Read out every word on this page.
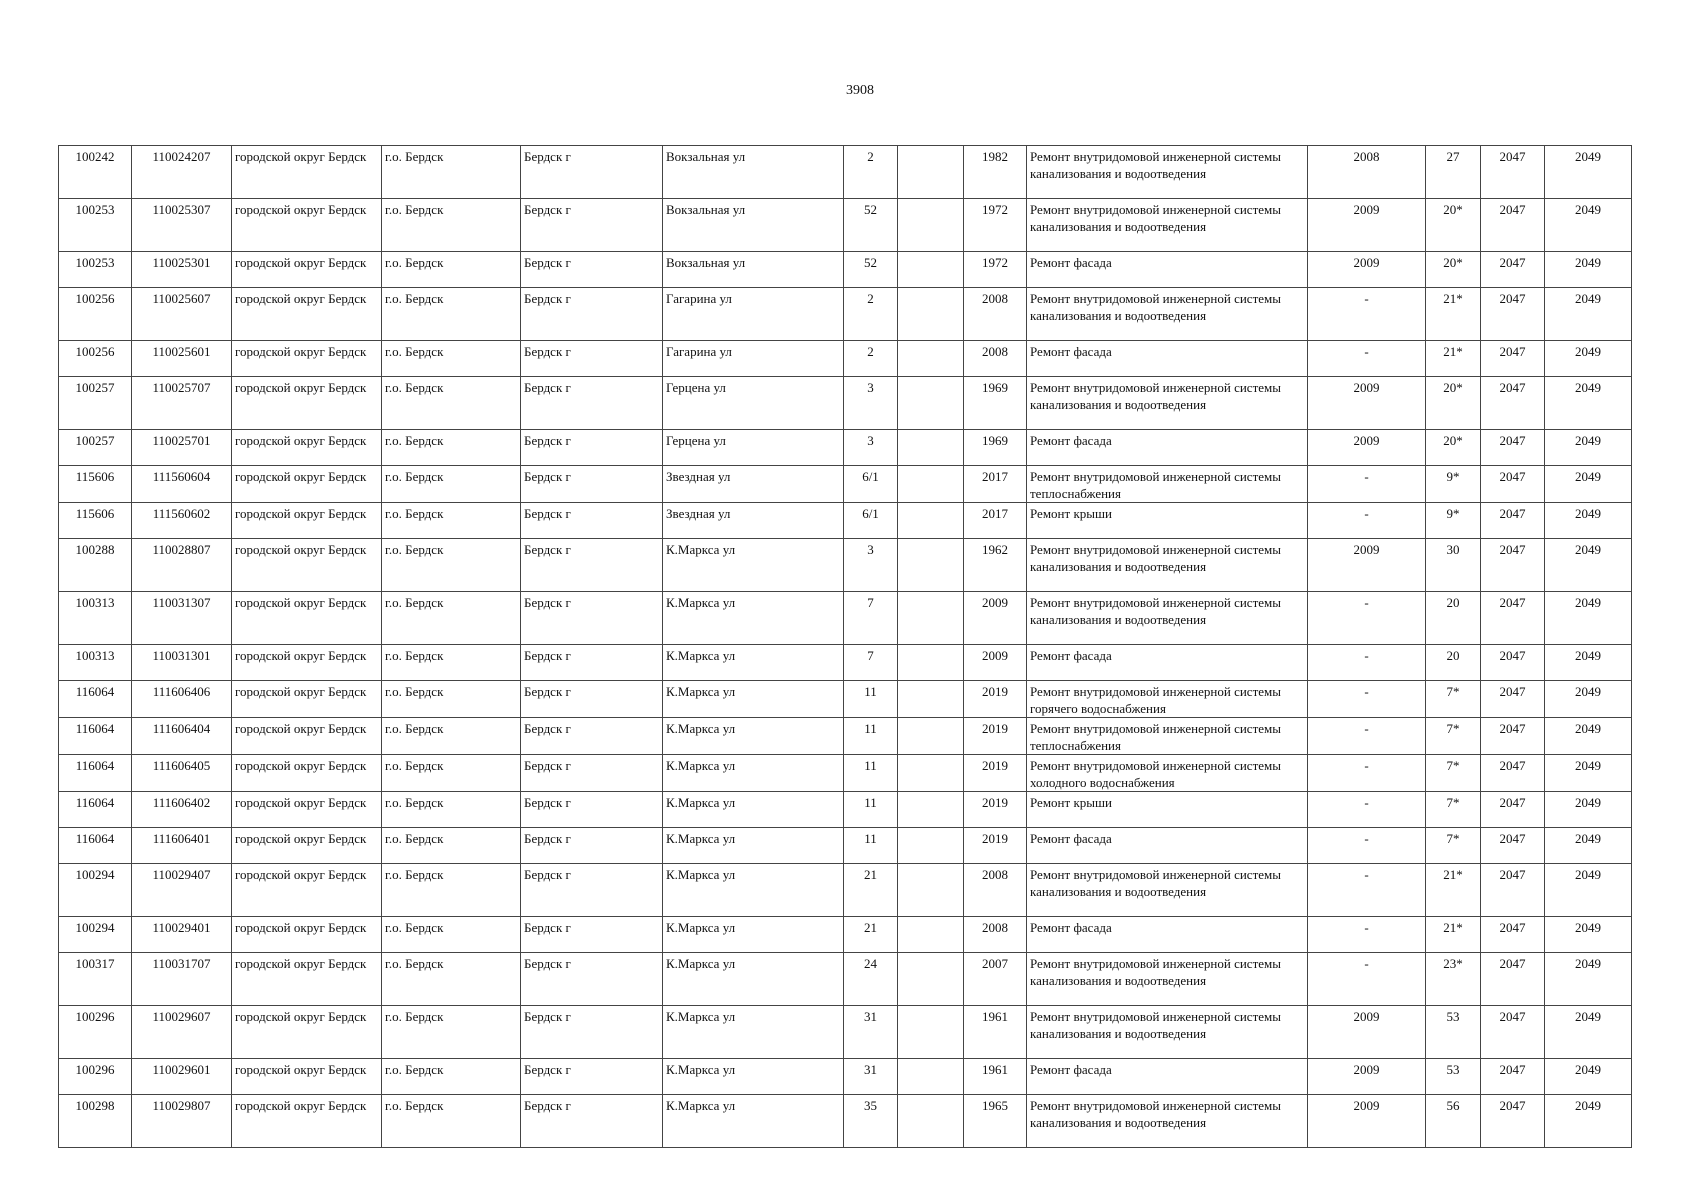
3908
100242	110024207	городской округ Бердск	г.о. Бердск	Бердск г	Вокзальная ул	2		1982	Ремонт внутридомовой инженерной системы канализования и водоотведения	2008	27	2047	2049
100253	110025307	городской округ Бердск	г.о. Бердск	Бердск г	Вокзальная ул	52		1972	Ремонт внутридомовой инженерной системы канализования и водоотведения	2009	20*	2047	2049
100253	110025301	городской округ Бердск	г.о. Бердск	Бердск г	Вокзальная ул	52		1972	Ремонт фасада	2009	20*	2047	2049
100256	110025607	городской округ Бердск	г.о. Бердск	Бердск г	Гагарина ул	2		2008	Ремонт внутридомовой инженерной системы канализования и водоотведения	-	21*	2047	2049
100256	110025601	городской округ Бердск	г.о. Бердск	Бердск г	Гагарина ул	2		2008	Ремонт фасада	-	21*	2047	2049
100257	110025707	городской округ Бердск	г.о. Бердск	Бердск г	Герцена ул	3		1969	Ремонт внутридомовой инженерной системы канализования и водоотведения	2009	20*	2047	2049
100257	110025701	городской округ Бердск	г.о. Бердск	Бердск г	Герцена ул	3		1969	Ремонт фасада	2009	20*	2047	2049
115606	111560604	городской округ Бердск	г.о. Бердск	Бердск г	Звездная ул	6/1		2017	Ремонт внутридомовой инженерной системы теплоснабжения	-	9*	2047	2049
115606	111560602	городской округ Бердск	г.о. Бердск	Бердск г	Звездная ул	6/1		2017	Ремонт крыши	-	9*	2047	2049
100288	110028807	городской округ Бердск	г.о. Бердск	Бердск г	К.Маркса ул	3		1962	Ремонт внутридомовой инженерной системы канализования и водоотведения	2009	30	2047	2049
100313	110031307	городской округ Бердск	г.о. Бердск	Бердск г	К.Маркса ул	7		2009	Ремонт внутридомовой инженерной системы канализования и водоотведения	-	20	2047	2049
100313	110031301	городской округ Бердск	г.о. Бердск	Бердск г	К.Маркса ул	7		2009	Ремонт фасада	-	20	2047	2049
116064	111606406	городской округ Бердск	г.о. Бердск	Бердск г	К.Маркса ул	11		2019	Ремонт внутридомовой инженерной системы горячего водоснабжения	-	7*	2047	2049
116064	111606404	городской округ Бердск	г.о. Бердск	Бердск г	К.Маркса ул	11		2019	Ремонт внутридомовой инженерной системы теплоснабжения	-	7*	2047	2049
116064	111606405	городской округ Бердск	г.о. Бердск	Бердск г	К.Маркса ул	11		2019	Ремонт внутридомовой инженерной системы холодного водоснабжения	-	7*	2047	2049
116064	111606402	городской округ Бердск	г.о. Бердск	Бердск г	К.Маркса ул	11		2019	Ремонт крыши	-	7*	2047	2049
116064	111606401	городской округ Бердск	г.о. Бердск	Бердск г	К.Маркса ул	11		2019	Ремонт фасада	-	7*	2047	2049
100294	110029407	городской округ Бердск	г.о. Бердск	Бердск г	К.Маркса ул	21		2008	Ремонт внутридомовой инженерной системы канализования и водоотведения	-	21*	2047	2049
100294	110029401	городской округ Бердск	г.о. Бердск	Бердск г	К.Маркса ул	21		2008	Ремонт фасада	-	21*	2047	2049
100317	110031707	городской округ Бердск	г.о. Бердск	Бердск г	К.Маркса ул	24		2007	Ремонт внутридомовой инженерной системы канализования и водоотведения	-	23*	2047	2049
100296	110029607	городской округ Бердск	г.о. Бердск	Бердск г	К.Маркса ул	31		1961	Ремонт внутридомовой инженерной системы канализования и водоотведения	2009	53	2047	2049
100296	110029601	городской округ Бердск	г.о. Бердск	Бердск г	К.Маркса ул	31		1961	Ремонт фасада	2009	53	2047	2049
100298	110029807	городской округ Бердск	г.о. Бердск	Бердск г	К.Маркса ул	35		1965	Ремонт внутридомовой инженерной системы канализования и водоотведения	2009	56	2047	2049
